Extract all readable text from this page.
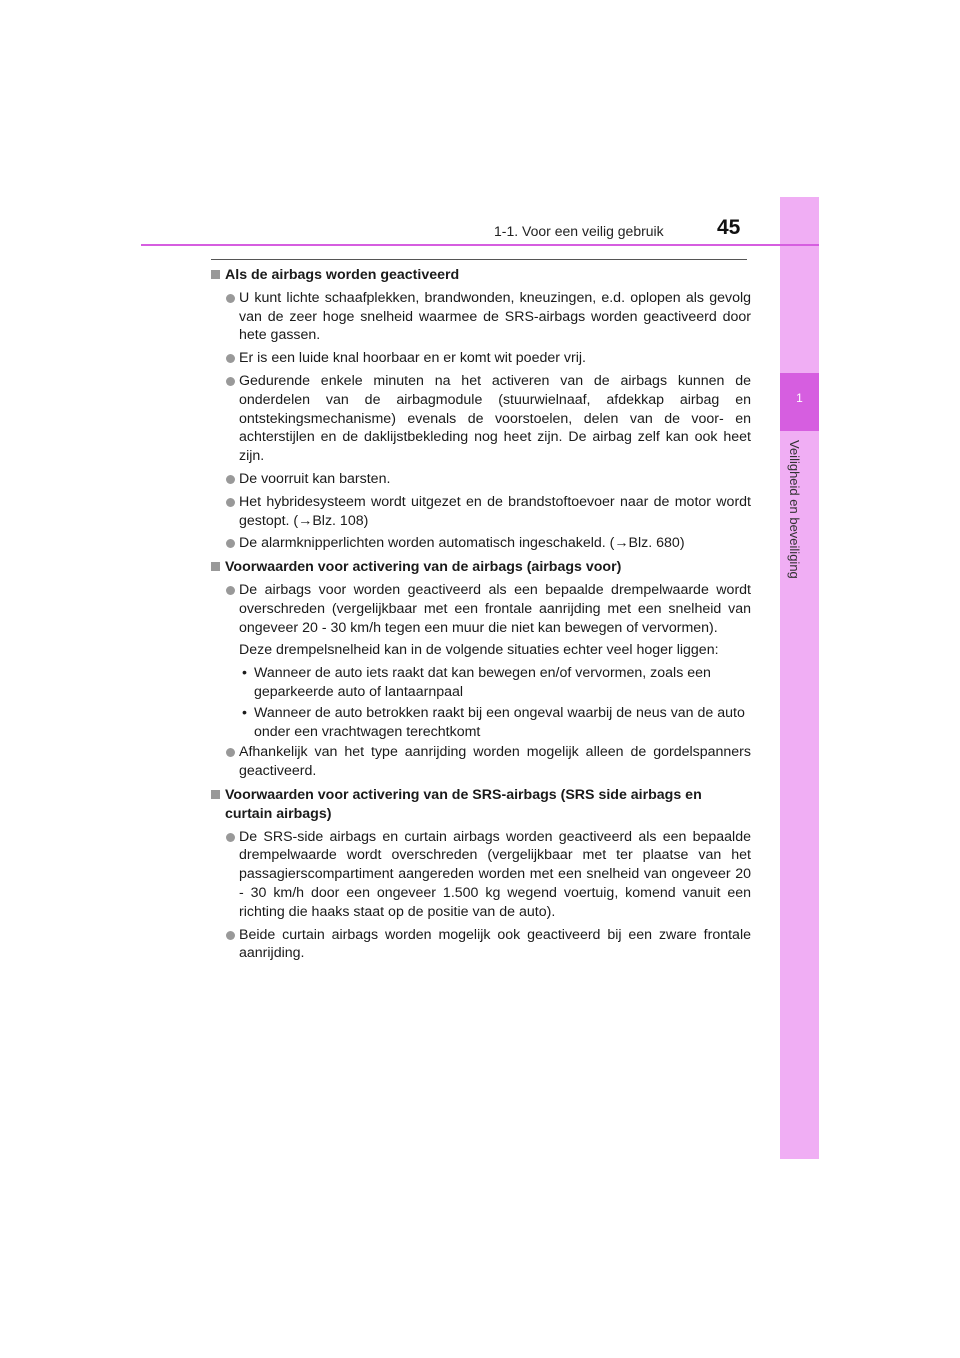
1
Veiligheid en beveiliging
1-1. Voor een veilig gebruik	45
Als de airbags worden geactiveerd
U kunt lichte schaafplekken, brandwonden, kneuzingen, e.d. oplopen als gevolg van de zeer hoge snelheid waarmee de SRS-airbags worden geactiveerd door hete gassen.
Er is een luide knal hoorbaar en er komt wit poeder vrij.
Gedurende enkele minuten na het activeren van de airbags kunnen de onderdelen van de airbagmodule (stuurwielnaaf, afdekkap airbag en ontstekingsmechanisme) evenals de voorstoelen, delen van de voor- en achterstijlen en de daklijstbekleding nog heet zijn. De airbag zelf kan ook heet zijn.
De voorruit kan barsten.
Het hybridesysteem wordt uitgezet en de brandstoftoevoer naar de motor wordt gestopt. (→Blz. 108)
De alarmknipperlichten worden automatisch ingeschakeld. (→Blz. 680)
Voorwaarden voor activering van de airbags (airbags voor)
De airbags voor worden geactiveerd als een bepaalde drempelwaarde wordt overschreden (vergelijkbaar met een frontale aanrijding met een snelheid van ongeveer 20 - 30 km/h tegen een muur die niet kan bewegen of vervormen).
Deze drempelsnelheid kan in de volgende situaties echter veel hoger liggen:
• Wanneer de auto iets raakt dat kan bewegen en/of vervormen, zoals een geparkeerde auto of lantaarnpaal
• Wanneer de auto betrokken raakt bij een ongeval waarbij de neus van de auto onder een vrachtwagen terechtkomt
Afhankelijk van het type aanrijding worden mogelijk alleen de gordelspanners geactiveerd.
Voorwaarden voor activering van de SRS-airbags (SRS side airbags en curtain airbags)
De SRS-side airbags en curtain airbags worden geactiveerd als een bepaalde drempelwaarde wordt overschreden (vergelijkbaar met ter plaatse van het passagierscompartiment aangereden worden met een snelheid van ongeveer 20 - 30 km/h door een ongeveer 1.500 kg wegend voertuig, komend vanuit een richting die haaks staat op de positie van de auto).
Beide curtain airbags worden mogelijk ook geactiveerd bij een zware frontale aanrijding.
